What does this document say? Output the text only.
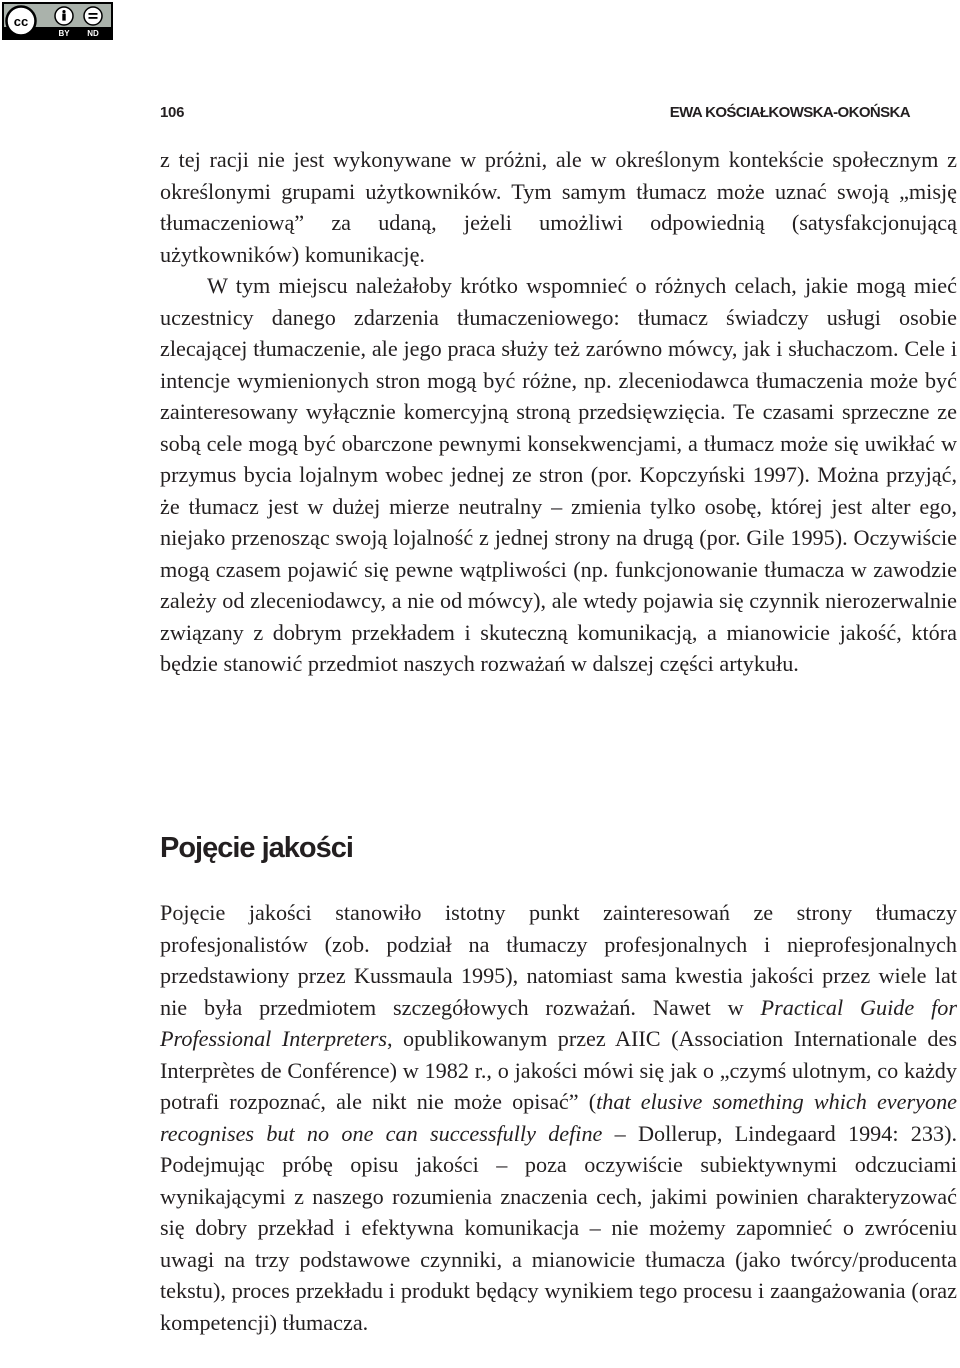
cc
BY ND
106	EWA KOŚCIAŁKOWSKA-OKOŃSKA

z tej racji nie jest wykonywane w próżni, ale w określonym kontekście społecznym z określonymi grupami użytkowników. Tym samym tłumacz może uznać swoją „misję tłumaczeniową” za udaną, jeżeli umożliwi odpowiednią (satysfakcjonującą użytkowników) komunikację.

W tym miejscu należałoby krótko wspomnieć o różnych celach, jakie mogą mieć uczestnicy danego zdarzenia tłumaczeniowego: tłumacz świadczy usługi osobie zlecającej tłumaczenie, ale jego praca służy też zarówno mówcy, jak i słuchaczom. Cele i intencje wymienionych stron mogą być różne, np. zleceniodawca tłumaczenia może być zainteresowany wyłącznie komercyjną stroną przedsięwzięcia. Te czasami sprzeczne ze sobą cele mogą być obarczone pewnymi konsekwencjami, a tłumacz może się uwikłać w przymus bycia lojalnym wobec jednej ze stron (por. Kopczyński 1997). Można przyjąć, że tłumacz jest w dużej mierze neutralny – zmienia tylko osobę, której jest alter ego, niejako przenosząc swoją lojalność z jednej strony na drugą (por. Gile 1995). Oczywiście mogą czasem pojawić się pewne wątpliwości (np. funkcjonowanie tłumacza w zawodzie zależy od zleceniodawcy, a nie od mówcy), ale wtedy pojawia się czynnik nierozerwalnie związany z dobrym przekładem i skuteczną komunikacją, a mianowicie jakość, która będzie stanowić przedmiot naszych rozważań w dalszej części artykułu.

Pojęcie jakości

Pojęcie jakości stanowiło istotny punkt zainteresowań ze strony tłumaczy profesjonalistów (zob. podział na tłumaczy profesjonalnych i nieprofesjonalnych przedstawiony przez Kussmaula 1995), natomiast sama kwestia jakości przez wiele lat nie była przedmiotem szczegółowych rozważań. Nawet w Practical Guide for Professional Interpreters, opublikowanym przez AIIC (Association Internationale des Interprètes de Conférence) w 1982 r., o jakości mówi się jak o „czymś ulotnym, co każdy potrafi rozpoznać, ale nikt nie może opisać” (that elusive something which everyone recognises but no one can successfully define – Dollerup, Lindegaard 1994: 233). Podejmując próbę opisu jakości – poza oczywiście subiektywnymi odczuciami wynikającymi z naszego rozumienia znaczenia cech, jakimi powinien charakteryzować się dobry przekład i efektywna komunikacja – nie możemy zapomnieć o zwróceniu uwagi na trzy podstawowe czynniki, a mianowicie tłumacza (jako twórcy/producenta tekstu), proces przekładu i produkt będący wynikiem tego procesu i zaangażowania (oraz kompetencji) tłumacza.
